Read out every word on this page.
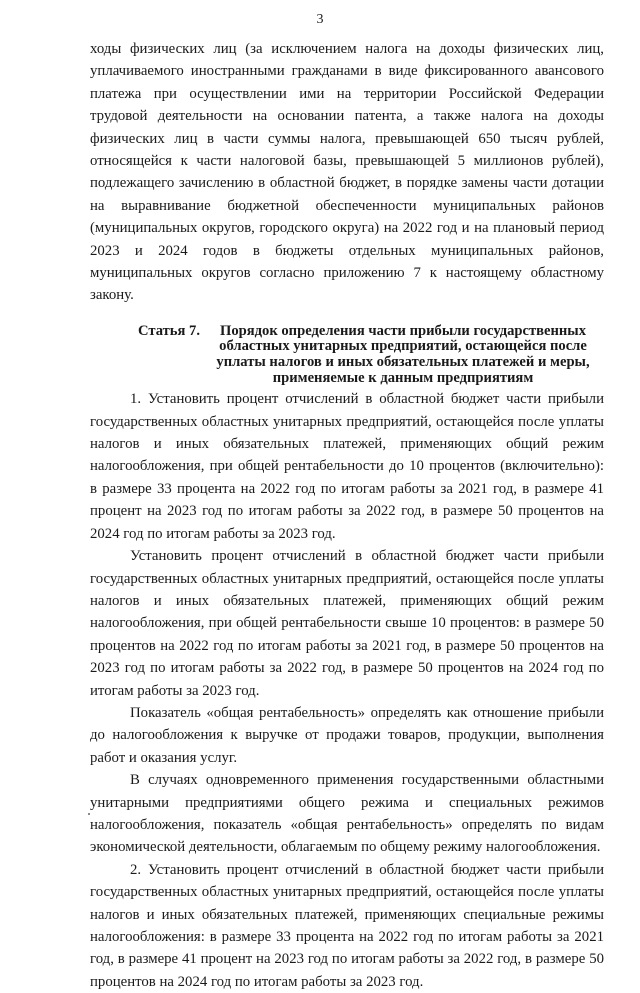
3

ходы физических лиц (за исключением налога на доходы физических лиц, уплачиваемого иностранными гражданами в виде фиксированного авансового платежа при осуществлении ими на территории Российской Федерации трудовой деятельности на основании патента, а также налога на доходы физических лиц в части суммы налога, превышающей 650 тысяч рублей, относящейся к части налоговой базы, превышающей 5 миллионов рублей), подлежащего зачислению в областной бюджет, в порядке замены части дотации на выравнивание бюджетной обеспеченности муниципальных районов (муниципальных округов, городского округа) на 2022 год и на плановый период 2023 и 2024 годов в бюджеты отдельных муниципальных районов, муниципальных округов согласно приложению 7 к настоящему областному закону.

Статья 7.	Порядок определения части прибыли государственных областных унитарных предприятий, остающейся после уплаты налогов и иных обязательных платежей и меры, применяемые к данным предприятиям

1. Установить процент отчислений в областной бюджет части прибыли государственных областных унитарных предприятий, остающейся после уплаты налогов и иных обязательных платежей, применяющих общий режим налогообложения, при общей рентабельности до 10 процентов (включительно): в размере 33 процента на 2022 год по итогам работы за 2021 год, в размере 41 процент на 2023 год по итогам работы за 2022 год, в размере 50 процентов на 2024 год по итогам работы за 2023 год.

Установить процент отчислений в областной бюджет части прибыли государственных областных унитарных предприятий, остающейся после уплаты налогов и иных обязательных платежей, применяющих общий режим налогообложения, при общей рентабельности свыше 10 процентов: в размере 50 процентов на 2022 год по итогам работы за 2021 год, в размере 50 процентов на 2023 год по итогам работы за 2022 год, в размере 50 процентов на 2024 год по итогам работы за 2023 год.

Показатель «общая рентабельность» определять как отношение прибыли до налогообложения к выручке от продажи товаров, продукции, выполнения работ и оказания услуг.

В случаях одновременного применения государственными областными унитарными предприятиями общего режима и специальных режимов налогообложения, показатель «общая рентабельность» определять по видам экономической деятельности, облагаемым по общему режиму налогообложения.

2. Установить процент отчислений в областной бюджет части прибыли государственных областных унитарных предприятий, остающейся после уплаты налогов и иных обязательных платежей, применяющих специальные режимы налогообложения: в размере 33 процента на 2022 год по итогам работы за 2021 год, в размере 41 процент на 2023 год по итогам работы за 2022 год, в размере 50 процентов на 2024 год по итогам работы за 2023 год.
